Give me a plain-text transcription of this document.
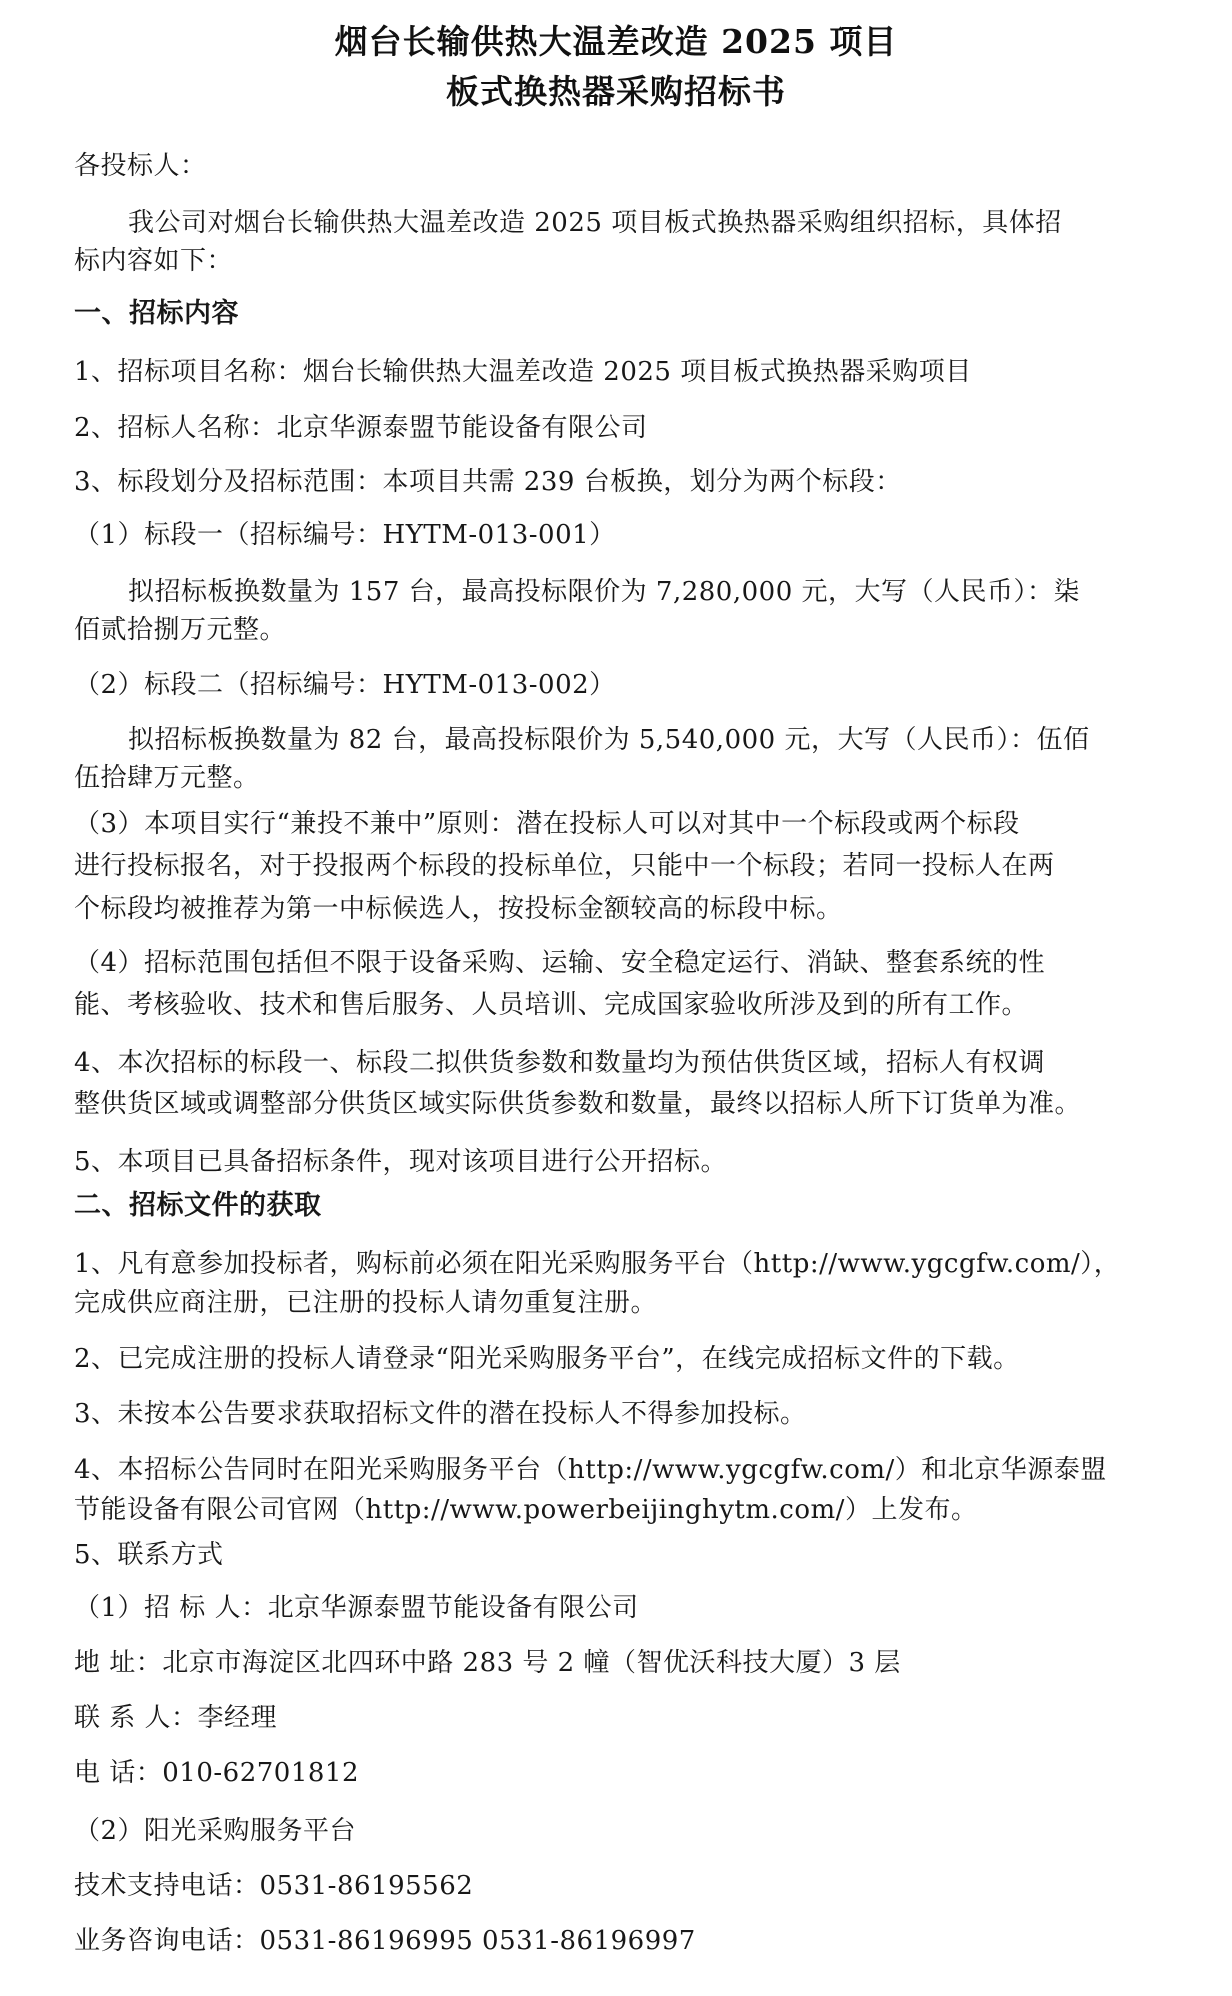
烟台长输供热大温差改造 2025 项目
板式换热器采购招标书
各投标人：
我公司对烟台长输供热大温差改造 2025 项目板式换热器采购组织招标，具体招
标内容如下：
一、招标内容
1、招标项目名称：烟台长输供热大温差改造 2025 项目板式换热器采购项目
2、招标人名称：北京华源泰盟节能设备有限公司
3、标段划分及招标范围：本项目共需 239 台板换，划分为两个标段：
（1）标段一（招标编号：HYTM-013-001）
拟招标板换数量为 157 台，最高投标限价为 7,280,000 元，大写（人民币）：柒
佰贰拾捌万元整。
（2）标段二（招标编号：HYTM-013-002）
拟招标板换数量为 82 台，最高投标限价为 5,540,000 元，大写（人民币）：伍佰
伍拾肆万元整。
（3）本项目实行“兼投不兼中”原则：潜在投标人可以对其中一个标段或两个标段
进行投标报名，对于投报两个标段的投标单位，只能中一个标段；若同一投标人在两
个标段均被推荐为第一中标候选人，按投标金额较高的标段中标。
（4）招标范围包括但不限于设备采购、运输、安全稳定运行、消缺、整套系统的性
能、考核验收、技术和售后服务、人员培训、完成国家验收所涉及到的所有工作。
4、本次招标的标段一、标段二拟供货参数和数量均为预估供货区域，招标人有权调
整供货区域或调整部分供货区域实际供货参数和数量，最终以招标人所下订货单为准。
5、本项目已具备招标条件，现对该项目进行公开招标。
二、招标文件的获取
1、凡有意参加投标者，购标前必须在阳光采购服务平台（http://www.ygcgfw.com/），
完成供应商注册，已注册的投标人请勿重复注册。
2、已完成注册的投标人请登录“阳光采购服务平台”，在线完成招标文件的下载。
3、未按本公告要求获取招标文件的潜在投标人不得参加投标。
4、本招标公告同时在阳光采购服务平台（http://www.ygcgfw.com/）和北京华源泰盟
节能设备有限公司官网（http://www.powerbeijinghytm.com/）上发布。
5、联系方式
（1）招 标 人：北京华源泰盟节能设备有限公司
地 址：北京市海淀区北四环中路 283 号 2 幢（智优沃科技大厦）3 层
联 系 人：李经理
电 话：010-62701812
（2）阳光采购服务平台
技术支持电话：0531-86195562
业务咨询电话：0531-86196995 0531-86196997
